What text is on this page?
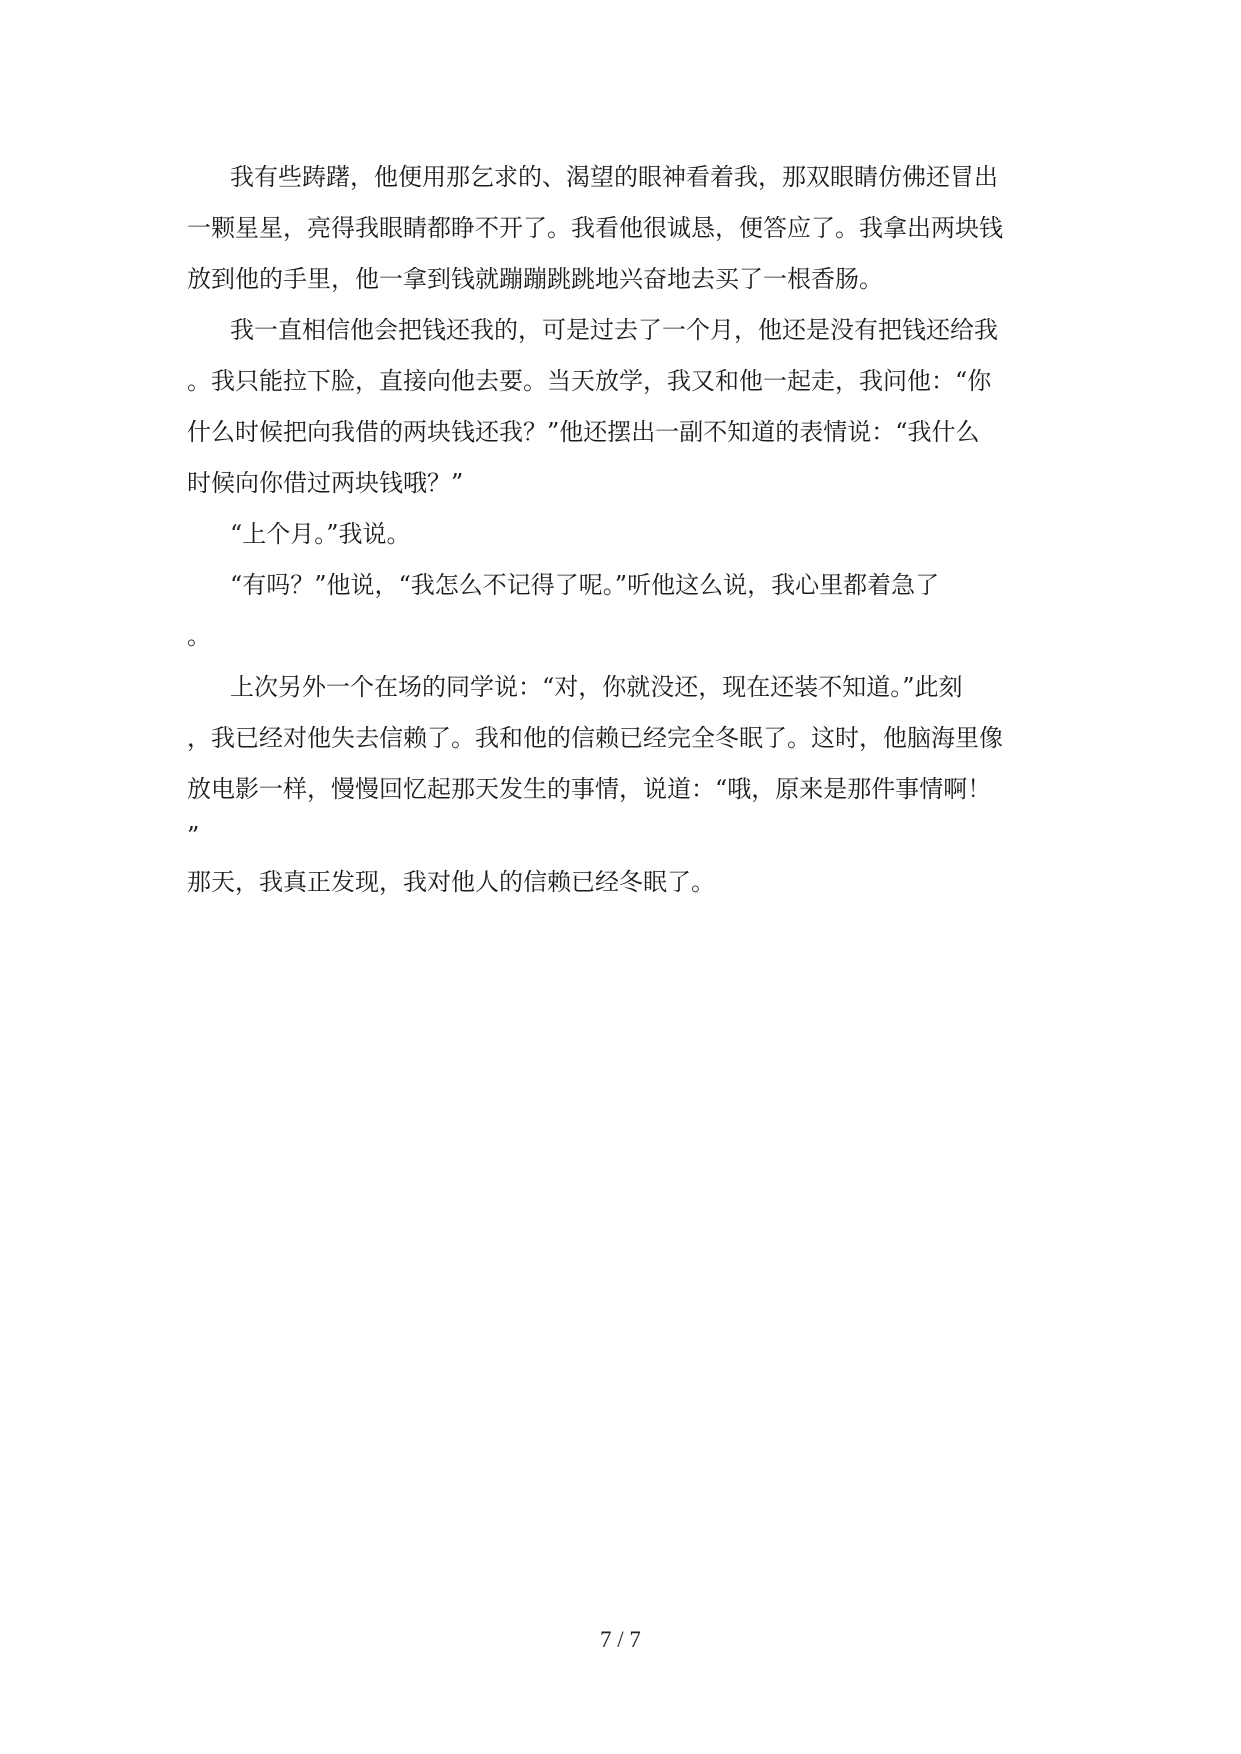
我有些踌躇，他便用那乞求的、渴望的眼神看着我，那双眼睛仿佛还冒出

一颗星星，亮得我眼睛都睁不开了。我看他很诚恳，便答应了。我拿出两块钱

放到他的手里，他一拿到钱就蹦蹦跳跳地兴奋地去买了一根香肠。

我一直相信他会把钱还我的，可是过去了一个月，他还是没有把钱还给我

。我只能拉下脸，直接向他去要。当天放学，我又和他一起走，我问他：“你

什么时候把向我借的两块钱还我？”他还摆出一副不知道的表情说：“我什么

时候向你借过两块钱哦？”

“上个月。”我说。

“有吗？”他说，“我怎么不记得了呢。”听他这么说，我心里都着急了

。

上次另外一个在场的同学说：“对，你就没还，现在还装不知道。”此刻

，我已经对他失去信赖了。我和他的信赖已经完全冬眠了。这时，他脑海里像

放电影一样，慢慢回忆起那天发生的事情，说道：“哦，原来是那件事情啊！

”

那天，我真正发现，我对他人的信赖已经冬眠了。

7 / 7
